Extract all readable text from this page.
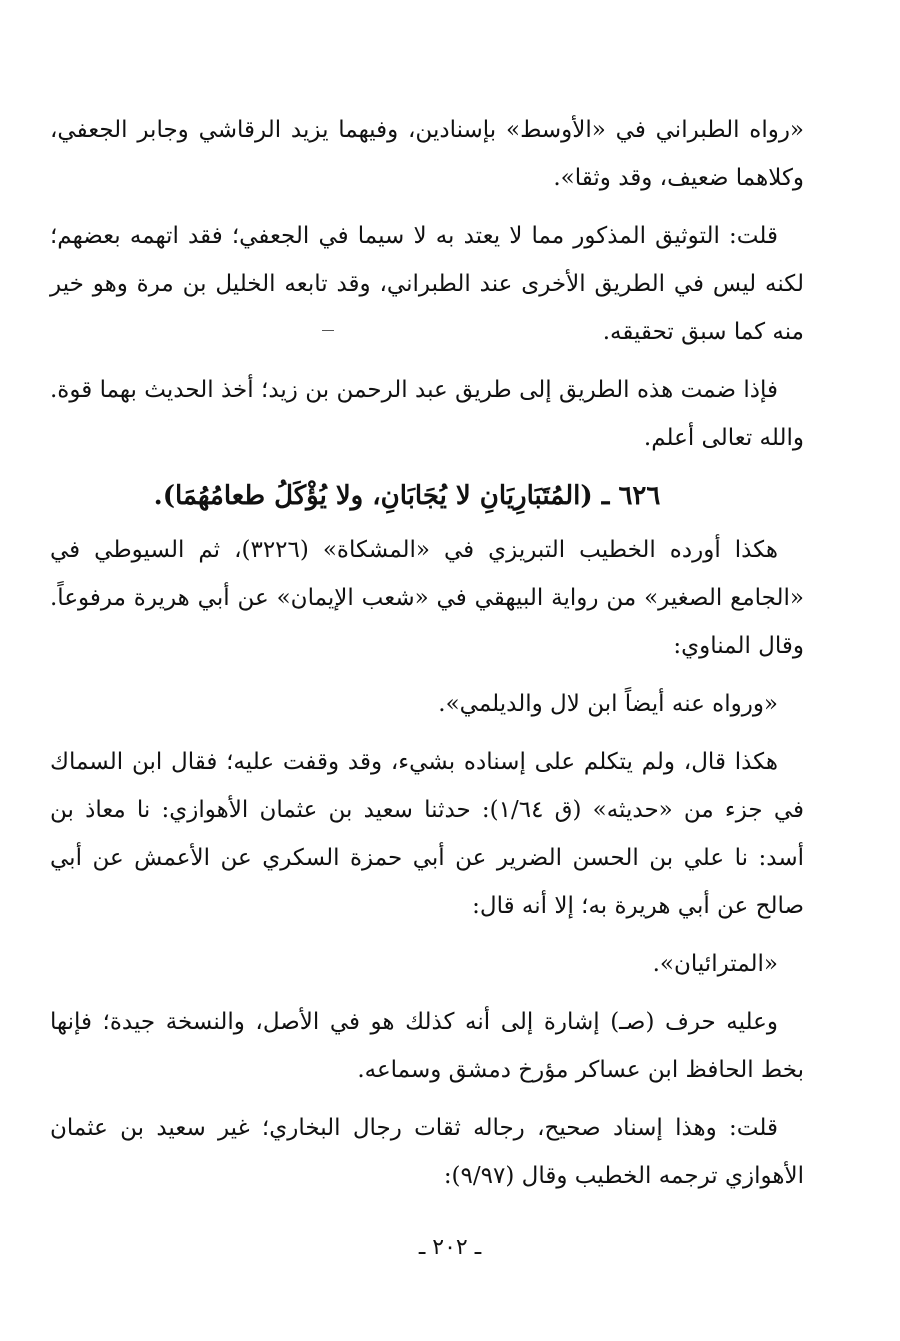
«رواه الطبراني في «الأوسط» بإسنادين، وفيهما يزيد الرقاشي وجابر الجعفي، وكلاهما ضعيف، وقد وثقا».

قلت: التوثيق المذكور مما لا يعتد به لا سيما في الجعفي؛ فقد اتهمه بعضهم؛ لكنه ليس في الطريق الأخرى عند الطبراني، وقد تابعه الخليل بن مرة وهو خير منه كما سبق تحقيقه.

فإذا ضمت هذه الطريق إلى طريق عبد الرحمن بن زيد؛ أخذ الحديث بهما قوة. والله تعالى أعلم.

٦٢٦ ـ (المُتَبَارِيَانِ لا يُجَابَانِ، ولا يُؤْكَلُ طعامُهُمَا).

هكذا أورده الخطيب التبريزي في «المشكاة» (٣٢٢٦)، ثم السيوطي في «الجامع الصغير» من رواية البيهقي في «شعب الإيمان» عن أبي هريرة مرفوعاً. وقال المناوي:

«ورواه عنه أيضاً ابن لال والديلمي».

هكذا قال، ولم يتكلم على إسناده بشيء، وقد وقفت عليه؛ فقال ابن السماك في جزء من «حديثه» (ق ١/٦٤): حدثنا سعيد بن عثمان الأهوازي: نا معاذ بن أسد: نا علي بن الحسن الضرير عن أبي حمزة السكري عن الأعمش عن أبي صالح عن أبي هريرة به؛ إلا أنه قال:

«المترائيان».

وعليه حرف (صـ) إشارة إلى أنه كذلك هو في الأصل، والنسخة جيدة؛ فإنها بخط الحافظ ابن عساكر مؤرخ دمشق وسماعه.

قلت: وهذا إسناد صحيح، رجاله ثقات رجال البخاري؛ غير سعيد بن عثمان الأهوازي ترجمه الخطيب وقال (٩/٩٧):

ـ ٢٠٢ ـ
